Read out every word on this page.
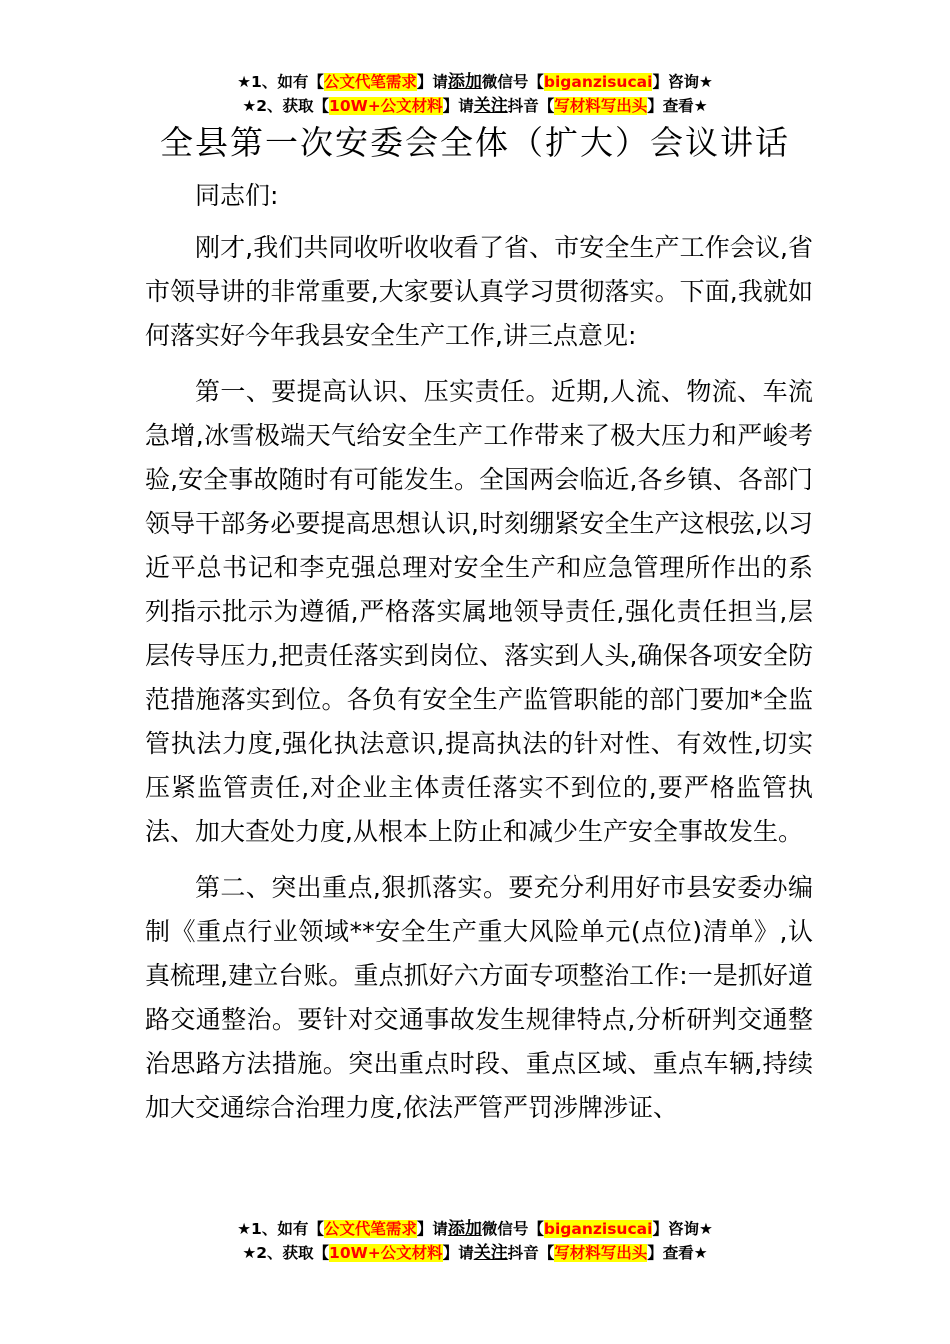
★1、如有【公文代笔需求】请添加微信号【biganzisucai】咨询★
★2、获取【10W+公文材料】请关注抖音【写材料写出头】查看★
全县第一次安委会全体（扩大）会议讲话

同志们:

刚才,我们共同收听收收看了省、市安全生产工作会议,省市领导讲的非常重要,大家要认真学习贯彻落实。下面,我就如何落实好今年我县安全生产工作,讲三点意见:

第一、要提高认识、压实责任。近期,人流、物流、车流急增,冰雪极端天气给安全生产工作带来了极大压力和严峻考验,安全事故随时有可能发生。全国两会临近,各乡镇、各部门领导干部务必要提高思想认识,时刻绷紧安全生产这根弦,以习近平总书记和李克强总理对安全生产和应急管理所作出的系列指示批示为遵循,严格落实属地领导责任,强化责任担当,层层传导压力,把责任落实到岗位、落实到人头,确保各项安全防范措施落实到位。各负有安全生产监管职能的部门要加*全监管执法力度,强化执法意识,提高执法的针对性、有效性,切实压紧监管责任,对企业主体责任落实不到位的,要严格监管执法、加大查处力度,从根本上防止和减少生产安全事故发生。

第二、突出重点,狠抓落实。要充分利用好市县安委办编制《重点行业领域**安全生产重大风险单元(点位)清单》,认真梳理,建立台账。重点抓好六方面专项整治工作:一是抓好道路交通整治。要针对交通事故发生规律特点,分析研判交通整治思路方法措施。突出重点时段、重点区域、重点车辆,持续加大交通综合治理力度,依法严管严罚涉牌涉证、

★1、如有【公文代笔需求】请添加微信号【biganzisucai】咨询★
★2、获取【10W+公文材料】请关注抖音【写材料写出头】查看★
